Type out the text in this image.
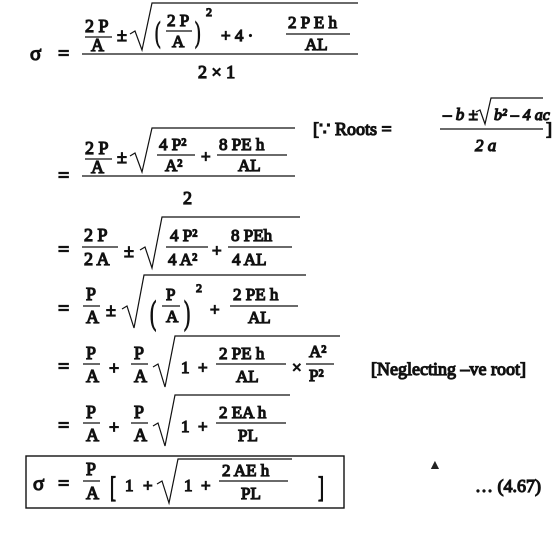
σ =
2 P
A ± ( 2 P
A )
2
+ 4 ·
2 P E h
AL
2 × 1
[∵ Roots =
– b ± b² – 4 ac
2 a
]
=
2 P
A ±
4 P²
A² +
8 PE h
AL
2
=
2 P
2 A ±
4 P²
4 A² +
8 PEh
4 AL
=
P
A ± ( P
A )
2
+
2 PE h
AL
=
P
A +
P
A 1 +
2 PE h
AL ×
A²
P²	[Neglecting –ve root]
=
P
A +
P
A 1 +
2 EA h
PL
σ =
P
A [ 1 + 1 +
2 AE h
PL ]	… (4.67)
▲
